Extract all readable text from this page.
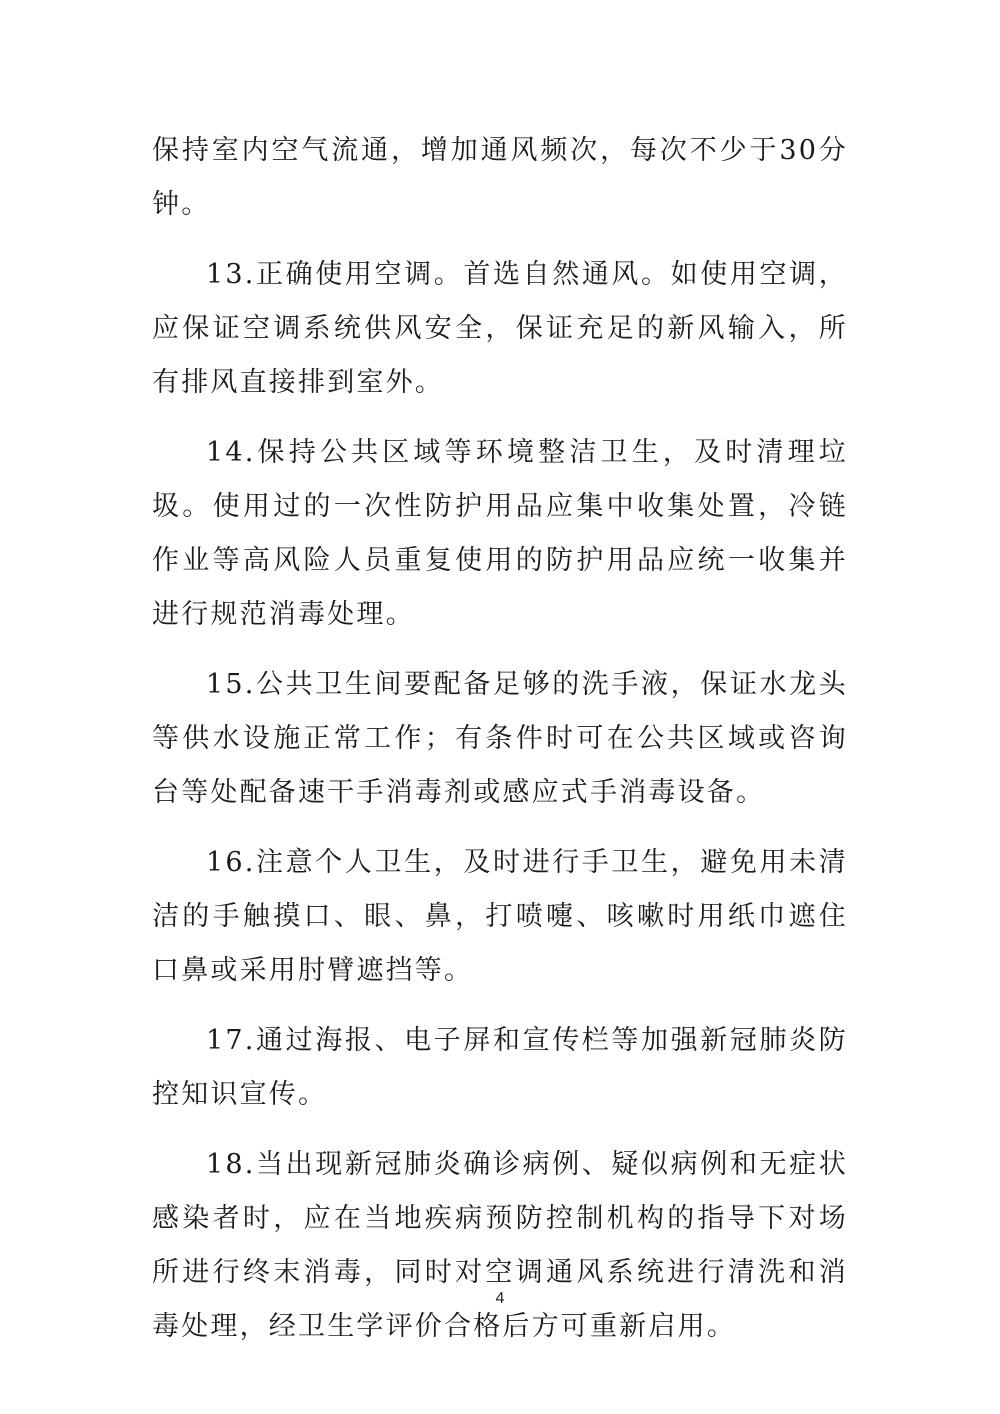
保持室内空气流通，增加通风频次，每次不少于30分钟。

13.正确使用空调。首选自然通风。如使用空调，应保证空调系统供风安全，保证充足的新风输入，所有排风直接排到室外。

14.保持公共区域等环境整洁卫生，及时清理垃圾。使用过的一次性防护用品应集中收集处置，冷链作业等高风险人员重复使用的防护用品应统一收集并进行规范消毒处理。

15.公共卫生间要配备足够的洗手液，保证水龙头等供水设施正常工作；有条件时可在公共区域或咨询台等处配备速干手消毒剂或感应式手消毒设备。

16.注意个人卫生，及时进行手卫生，避免用未清洁的手触摸口、眼、鼻，打喷嚏、咳嗽时用纸巾遮住口鼻或采用肘臂遮挡等。

17.通过海报、电子屏和宣传栏等加强新冠肺炎防控知识宣传。

18.当出现新冠肺炎确诊病例、疑似病例和无症状感染者时，应在当地疾病预防控制机构的指导下对场所进行终末消毒，同时对空调通风系统进行清洗和消毒处理，经卫生学评价合格后方可重新启用。

4
